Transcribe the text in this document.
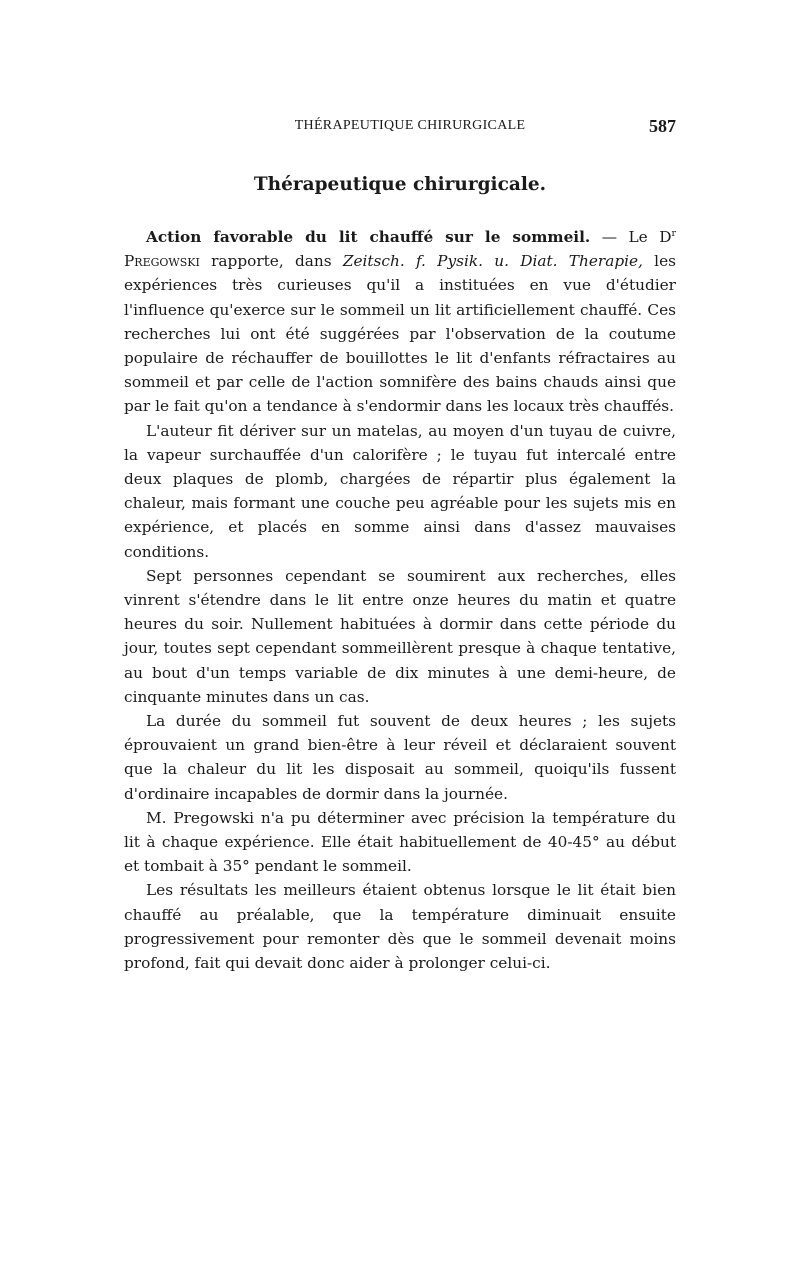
THÉRAPEUTIQUE CHIRURGICALE	587
Thérapeutique chirurgicale.

Action favorable du lit chauffé sur le sommeil. — Le $D^r$ Pregowski rapporte, dans Zeitsch. f. Pysik. u. Diat. Therapie, les expériences très curieuses qu'il a instituées en vue d'étudier l'influence qu'exerce sur le sommeil un lit artificiellement chauffé. Ces recherches lui ont été suggérées par l'observation de la coutume populaire de réchauffer de bouillottes le lit d'enfants réfractaires au sommeil et par celle de l'action somnifère des bains chauds ainsi que par le fait qu'on a tendance à s'endormir dans les locaux très chauffés.

L'auteur fit dériver sur un matelas, au moyen d'un tuyau de cuivre, la vapeur surchauffée d'un calorifère ; le tuyau fut intercalé entre deux plaques de plomb, chargées de répartir plus également la chaleur, mais formant une couche peu agréable pour les sujets mis en expérience, et placés en somme ainsi dans d'assez mauvaises conditions.

Sept personnes cependant se soumirent aux recherches, elles vinrent s'étendre dans le lit entre onze heures du matin et quatre heures du soir. Nullement habituées à dormir dans cette période du jour, toutes sept cependant sommeillèrent presque à chaque tentative, au bout d'un temps variable de dix minutes à une demi-heure, de cinquante minutes dans un cas.

La durée du sommeil fut souvent de deux heures ; les sujets éprouvaient un grand bien-être à leur réveil et déclaraient souvent que la chaleur du lit les disposait au sommeil, quoiqu'ils fussent d'ordinaire incapables de dormir dans la journée.

M. Pregowski n'a pu déterminer avec précision la température du lit à chaque expérience. Elle était habituellement de 40-45° au début et tombait à 35° pendant le sommeil.

Les résultats les meilleurs étaient obtenus lorsque le lit était bien chauffé au préalable, que la température diminuait ensuite progressivement pour remonter dès que le sommeil devenait moins profond, fait qui devait donc aider à prolonger celui-ci.
